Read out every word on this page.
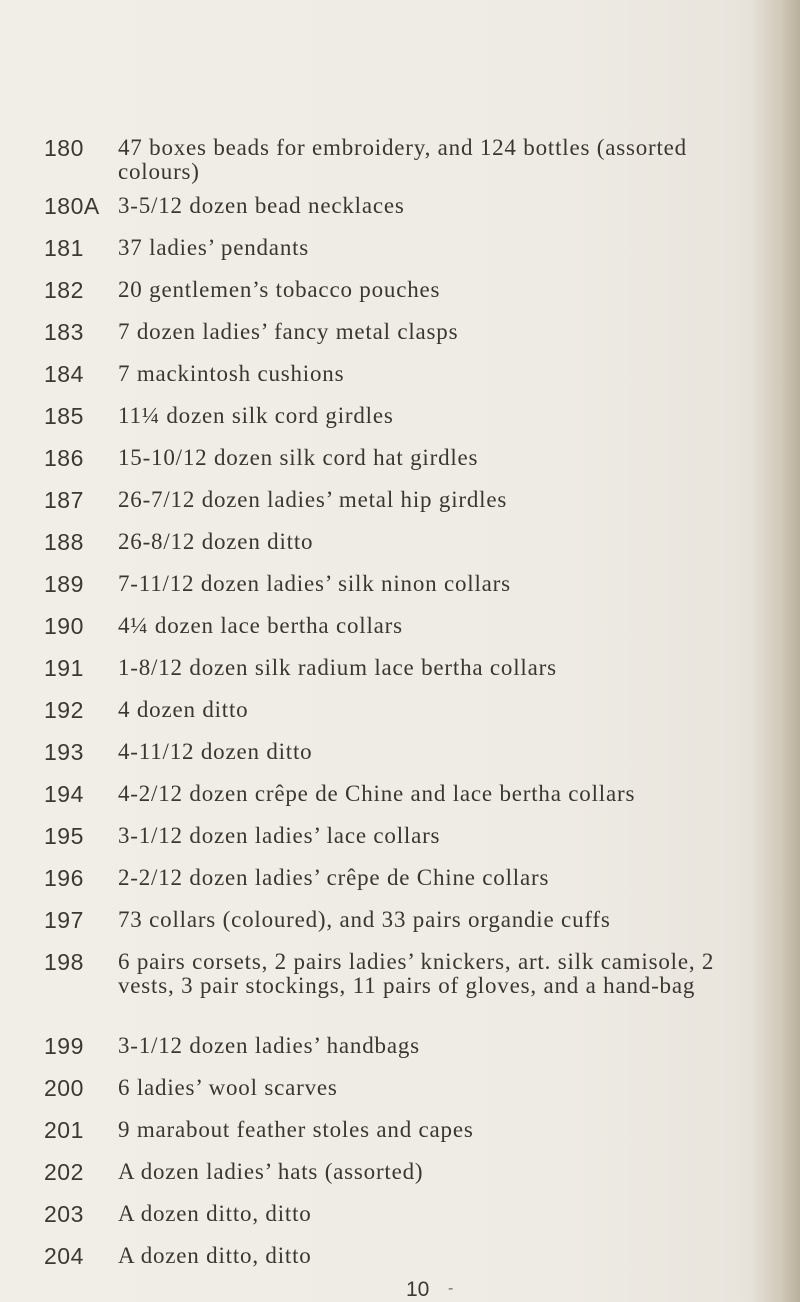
180 47 boxes beads for embroidery, and 124 bottles (assorted colours)
180A 3-5/12 dozen bead necklaces
181 37 ladies’ pendants
182 20 gentlemen’s tobacco pouches
183 7 dozen ladies’ fancy metal clasps
184 7 mackintosh cushions
185 11¼ dozen silk cord girdles
186 15-10/12 dozen silk cord hat girdles
187 26-7/12 dozen ladies’ metal hip girdles
188 26-8/12 dozen ditto
189 7-11/12 dozen ladies’ silk ninon collars
190 4¼ dozen lace bertha collars
191 1-8/12 dozen silk radium lace bertha collars
192 4 dozen ditto
193 4-11/12 dozen ditto
194 4-2/12 dozen crêpe de Chine and lace bertha collars
195 3-1/12 dozen ladies’ lace collars
196 2-2/12 dozen ladies’ crêpe de Chine collars
197 73 collars (coloured), and 33 pairs organdie cuffs
198 6 pairs corsets, 2 pairs ladies’ knickers, art. silk camisole, 2 vests, 3 pair stockings, 11 pairs of gloves, and a hand-bag
199 3-1/12 dozen ladies’ handbags
200 6 ladies’ wool scarves
201 9 marabout feather stoles and capes
202 A dozen ladies’ hats (assorted)
203 A dozen ditto, ditto
204 A dozen ditto, ditto
10 -
